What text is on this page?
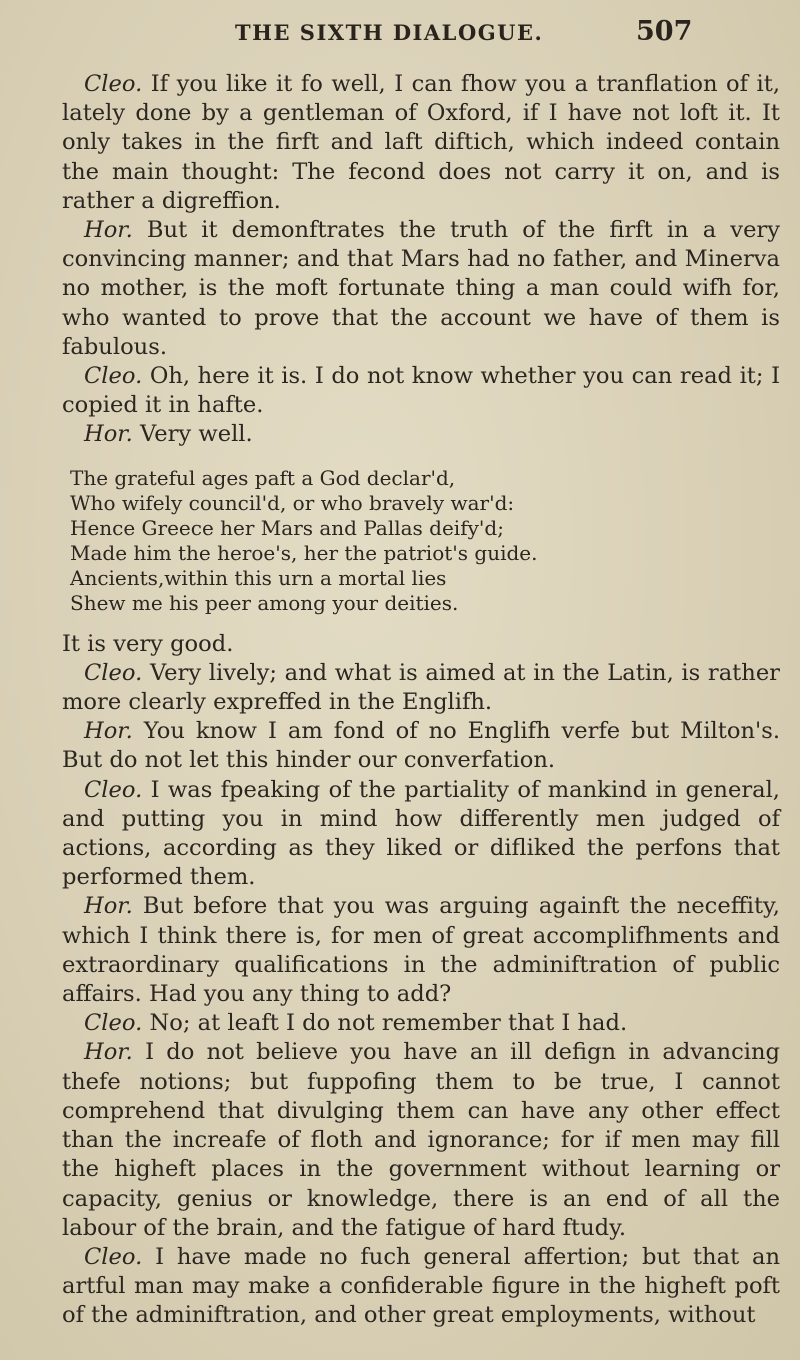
THE SIXTH DIALOGUE.	507

Cleo. If you like it fo well, I can fhow you a tranflation of it, lately done by a gentleman of Oxford, if I have not loft it. It only takes in the firft and laft diftich, which indeed contain the main thought: The fecond does not carry it on, and is rather a digreffion.

Hor. But it demonftrates the truth of the firft in a very convincing manner; and that Mars had no father, and Minerva no mother, is the moft fortunate thing a man could wifh for, who wanted to prove that the account we have of them is fabulous.

Cleo. Oh, here it is. I do not know whether you can read it; I copied it in hafte.

Hor. Very well.

The grateful ages paft a God declar'd,
Who wifely council'd, or who bravely war'd:
Hence Greece her Mars and Pallas deify'd;
Made him the heroe's, her the patriot's guide.
Ancients,within this urn a mortal lies
Shew me his peer among your deities.

It is very good.

Cleo. Very lively; and what is aimed at in the Latin, is rather more clearly expreffed in the Englifh.

Hor. You know I am fond of no Englifh verfe but Milton's. But do not let this hinder our converfation.

Cleo. I was fpeaking of the partiality of mankind in general, and putting you in mind how differently men judged of actions, according as they liked or difliked the perfons that performed them.

Hor. But before that you was arguing againft the neceffity, which I think there is, for men of great accomplifhments and extraordinary qualifications in the adminiftration of public affairs. Had you any thing to add?

Cleo. No; at leaft I do not remember that I had.

Hor. I do not believe you have an ill defign in advancing thefe notions; but fuppofing them to be true, I cannot comprehend that divulging them can have any other effect than the increafe of floth and ignorance; for if men may fill the higheft places in the government without learning or capacity, genius or knowledge, there is an end of all the labour of the brain, and the fatigue of hard ftudy.

Cleo. I have made no fuch general affertion; but that an artful man may make a confiderable figure in the higheft poft of the adminiftration, and other great employments, without
